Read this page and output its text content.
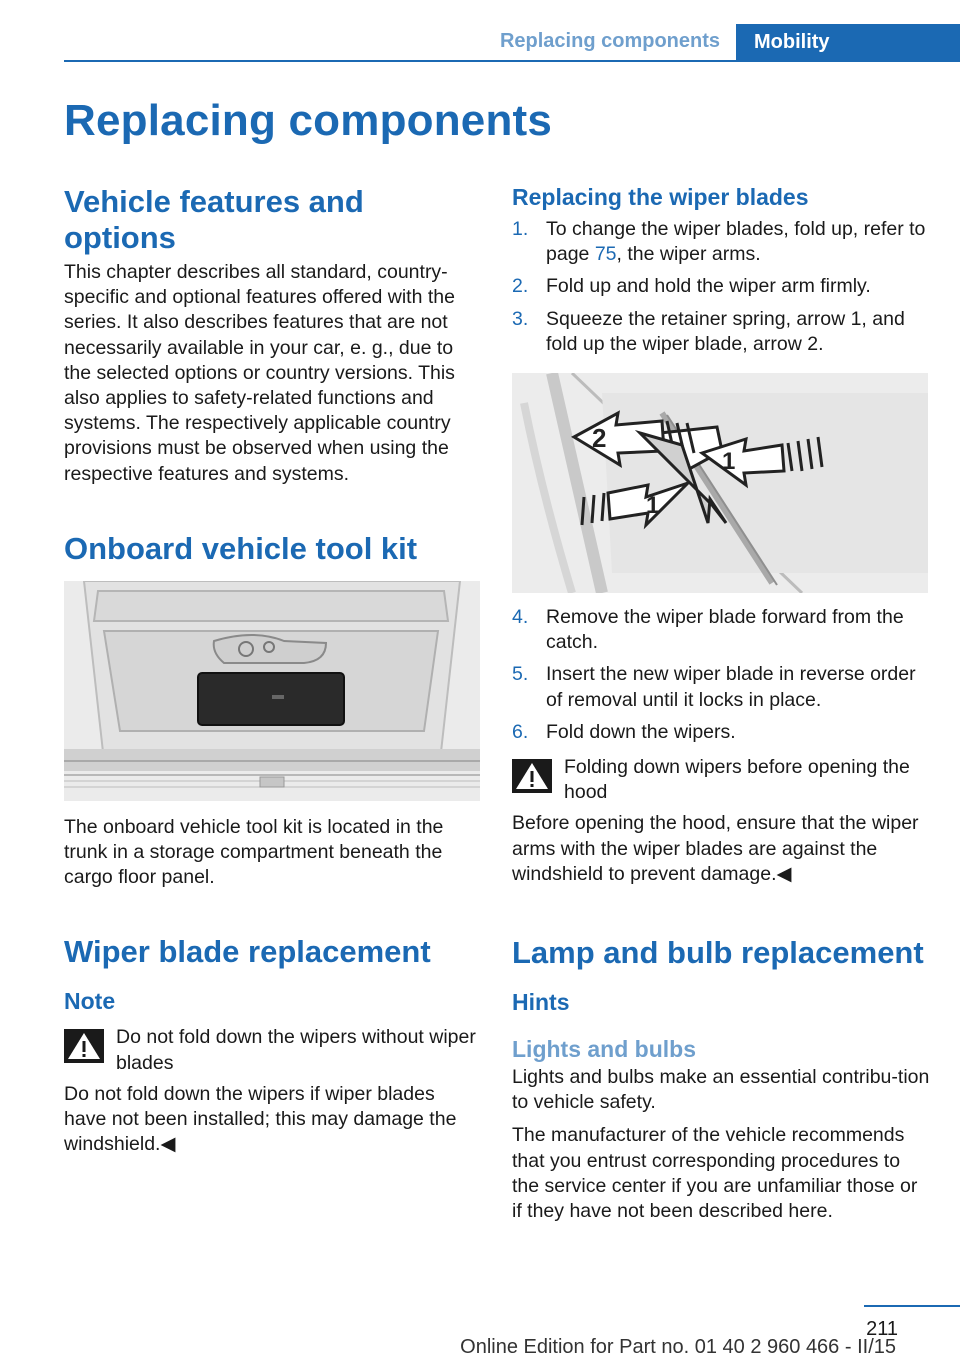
Replacing components	Mobility
Replacing components
Vehicle features and options

This chapter describes all standard, country-specific and optional features offered with the series. It also describes features that are not necessarily available in your car, e. g., due to the selected options or country versions. This also applies to safety-related functions and systems. The respectively applicable country provisions must be observed when using the respective features and systems.

Onboard vehicle tool kit

The onboard vehicle tool kit is located in the trunk in a storage compartment beneath the cargo floor panel.

Wiper blade replacement
Note
Do not fold down the wipers without wiper blades

Do not fold down the wipers if wiper blades have not been installed; this may damage the windshield.◀

Replacing the wiper blades
1. To change the wiper blades, fold up, refer to page 75, the wiper arms.
2. Fold up and hold the wiper arm firmly.
3. Squeeze the retainer spring, arrow 1, and fold up the wiper blade, arrow 2.
2
1
1
4. Remove the wiper blade forward from the catch.
5. Insert the new wiper blade in reverse order of removal until it locks in place.
6. Fold down the wipers.
Folding down wipers before opening the hood

Before opening the hood, ensure that the wiper arms with the wiper blades are against the windshield to prevent damage.◀

Lamp and bulb replacement
Hints
Lights and bulbs

Lights and bulbs make an essential contribu-tion to vehicle safety.

The manufacturer of the vehicle recommends that you entrust corresponding procedures to the service center if you are unfamiliar those or if they have not been described here.

211
Online Edition for Part no. 01 40 2 960 466 - II/15
